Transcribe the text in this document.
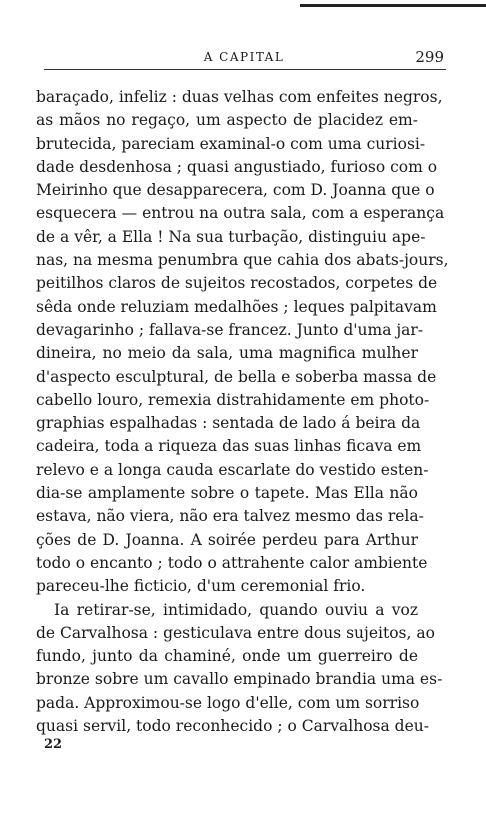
A CAPITAL	299
baraçado, infeliz : duas velhas com enfeites negros,
as mãos no regaço, um aspecto de placidez em-
brutecida, pareciam examinal-o com uma curiosi-
dade desdenhosa ; quasi angustiado, furioso com o
Meirinho que desapparecera, com D. Joanna que o
esquecera — entrou na outra sala, com a esperança
de a vêr, a Ella ! Na sua turbação, distinguiu ape-
nas, na mesma penumbra que cahia dos abats-jours,
peitilhos claros de sujeitos recostados, corpetes de
sêda onde reluziam medalhões ; leques palpitavam
devagarinho ; fallava-se francez. Junto d'uma jar-
dineira, no meio da sala, uma magnifica mulher
d'aspecto esculptural, de bella e soberba massa de
cabello louro, remexia distrahidamente em photo-
graphias espalhadas : sentada de lado á beira da
cadeira, toda a riqueza das suas linhas ficava em
relevo e a longa cauda escarlate do vestido esten-
dia-se amplamente sobre o tapete. Mas Ella não
estava, não viera, não era talvez mesmo das rela-
ções de D. Joanna. A soirée perdeu para Arthur
todo o encanto ; todo o attrahente calor ambiente
pareceu-lhe ficticio, d'um ceremonial frio.
Ia retirar-se, intimidado, quando ouviu a voz
de Carvalhosa : gesticulava entre dous sujeitos, ao
fundo, junto da chaminé, onde um guerreiro de
bronze sobre um cavallo empinado brandia uma es-
pada. Approximou-se logo d'elle, com um sorriso
quasi servil, todo reconhecido ; o Carvalhosa deu-
22
